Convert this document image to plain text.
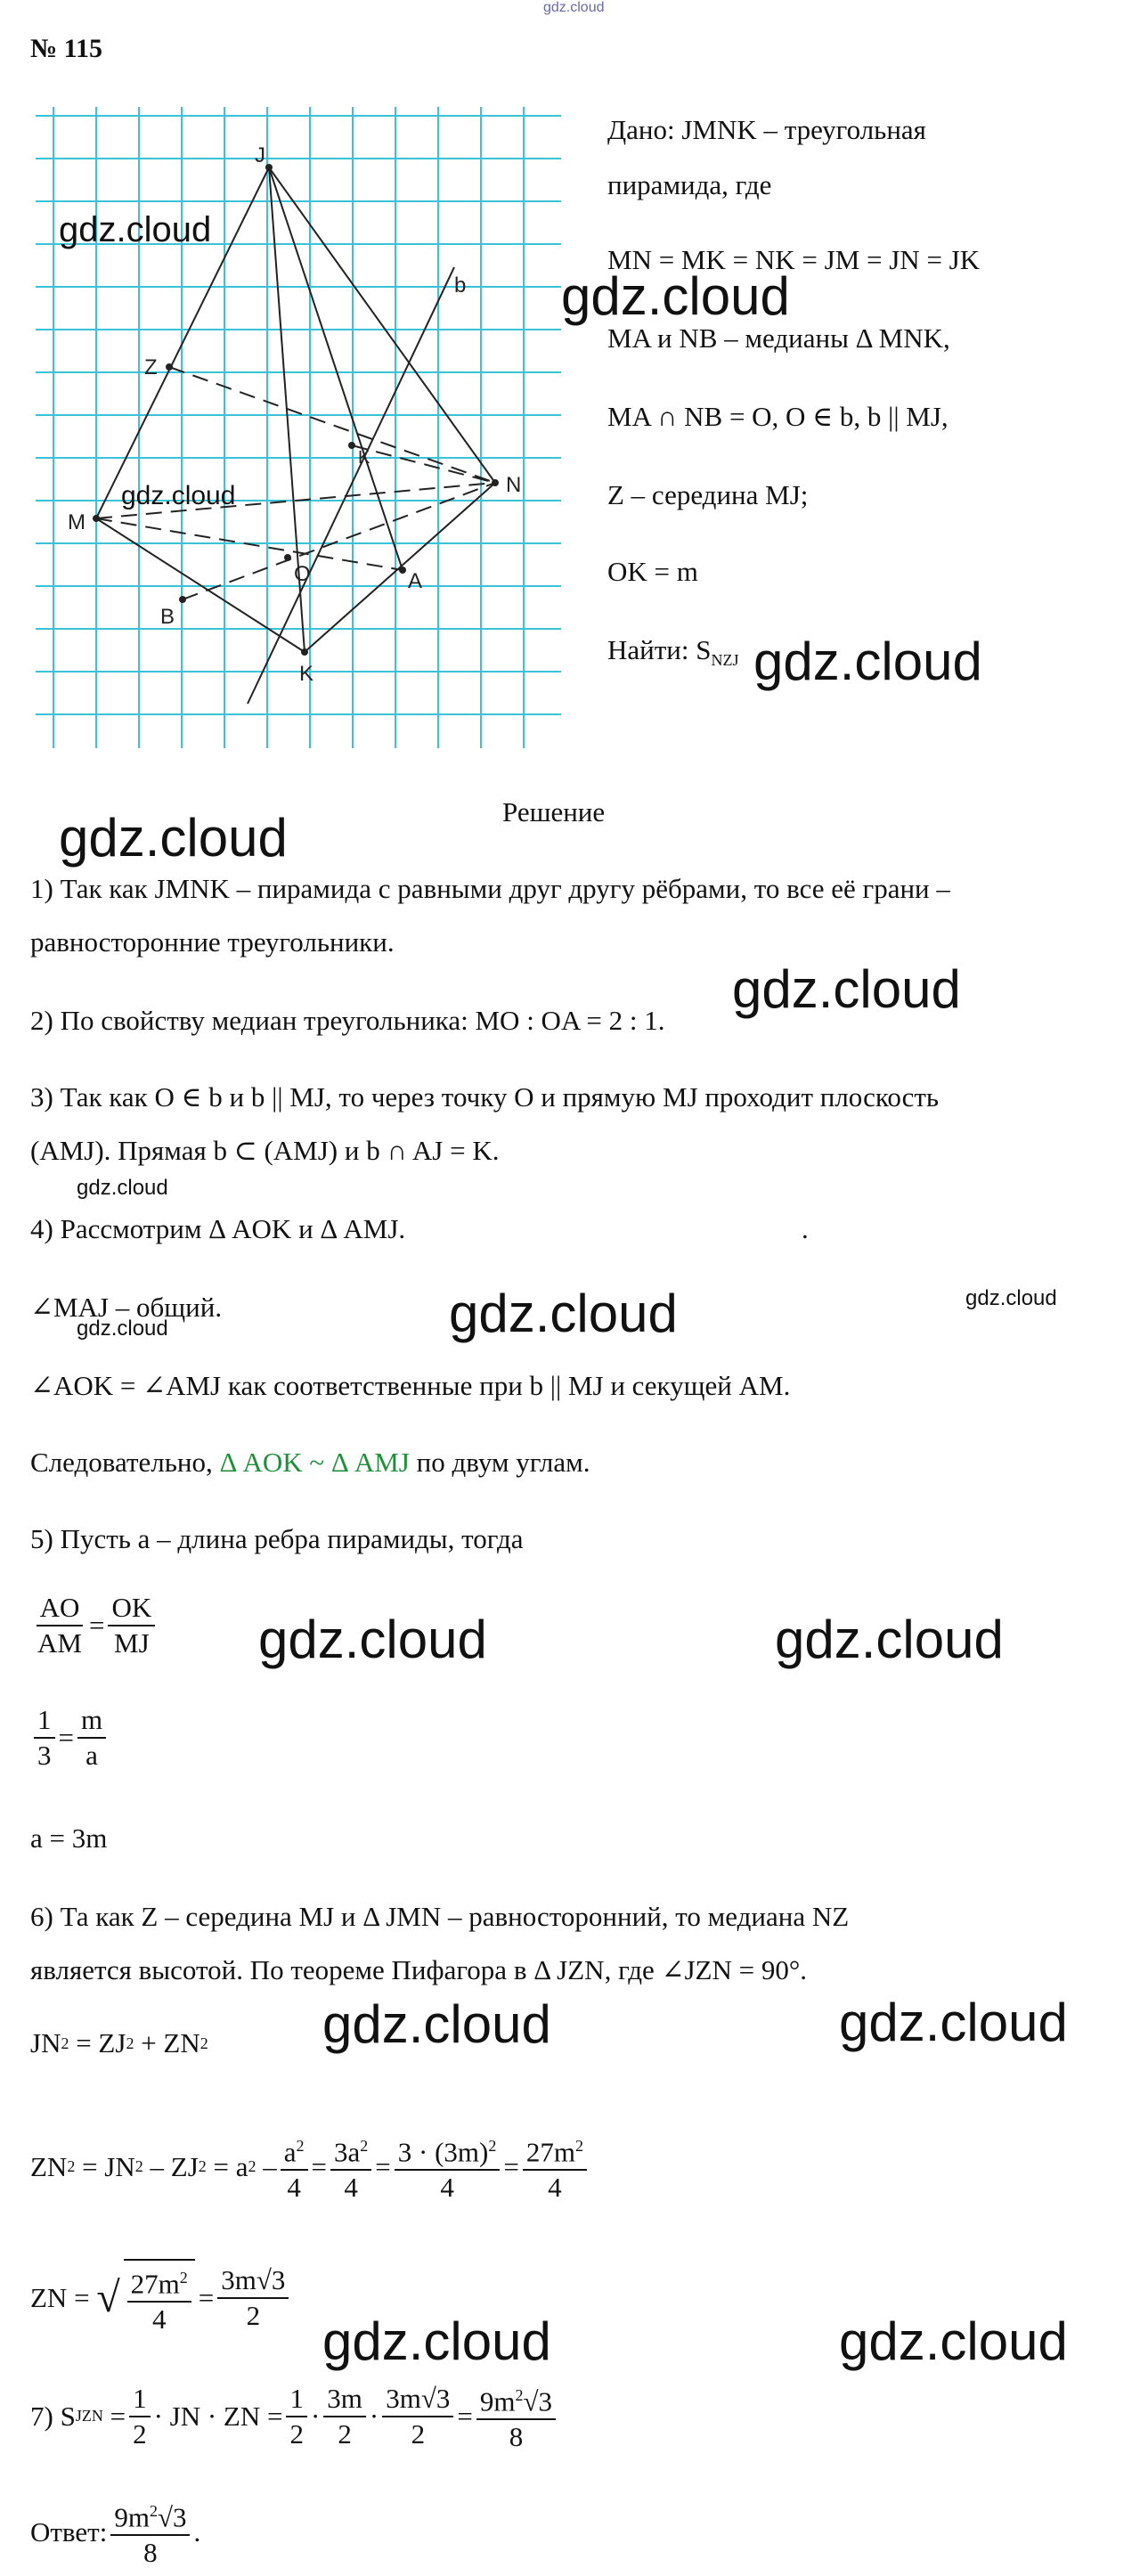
gdz.cloud
№ 115
J
Z
b
K
N
M
O	A
B
K
Дано: JMNK – треугольная
пирамида, где
MN = MK = NK = JM = JN = JK
MA и NB – медианы Δ MNK,
MA ∩ NB = O, O ∈ b, b || MJ,
Z – середина MJ;
OK = m
Найти: $S_{NZJ}$
Решение
1) Так как JMNK – пирамида с равными друг другу рёбрами, то все её грани –
равносторонние треугольники.
2) По свойству медиан треугольника: MO : OA = 2 : 1.
3) Так как O ∈ b и b || MJ, то через точку O и прямую MJ проходит плоскость
(AMJ). Прямая b ⊂ (AMJ) и b ∩ AJ = K.
4) Рассмотрим Δ AOK и Δ AMJ.	.
∠MAJ – общий.
∠AOK = ∠AMJ как соответственные при b || MJ и секущей AM.
Следовательно, Δ AOK ~ Δ AMJ по двум углам.
5) Пусть a – длина ребра пирамиды, тогда
$\frac{AO}{AM} = \frac{OK}{MJ}$
$\frac{1}{3} = \frac{m}{a}$
a = 3m
6) Та как Z – середина MJ и Δ JMN – равносторонний, то медиана NZ
является высотой. По теореме Пифагора в Δ JZN, где ∠JZN = 90°.
JN 2
= ZJ 2
+ ZN 2
ZN 2
= JN 2
– ZJ 2
= a 2
– $\frac{a^2}{4} = \frac{3a^2}{4} = \frac{3 \cdot (3m)^2}{4} = \frac{27m^2}{4}$
ZN =
√ $\frac{27m^2}{4} = \frac{3m√3}{2}$
7) S JZN
= $\frac{1}{2}$ · JN · ZN = $\frac{1}{2} \cdot \frac{3m}{2} \cdot \frac{3m√3}{2} = \frac{9m^2√3}{8}$
Ответ: $\frac{9m^2√3}{8}$ .
gdz.cloud
gdz.cloud
gdz.cloud
gdz.cloud
gdz.cloud
gdz.cloud
gdz.cloud
gdz.cloud	gdz.cloud
gdz.cloud
gdz.cloud	gdz.cloud
gdz.cloud	gdz.cloud
gdz.cloud	gdz.cloud
